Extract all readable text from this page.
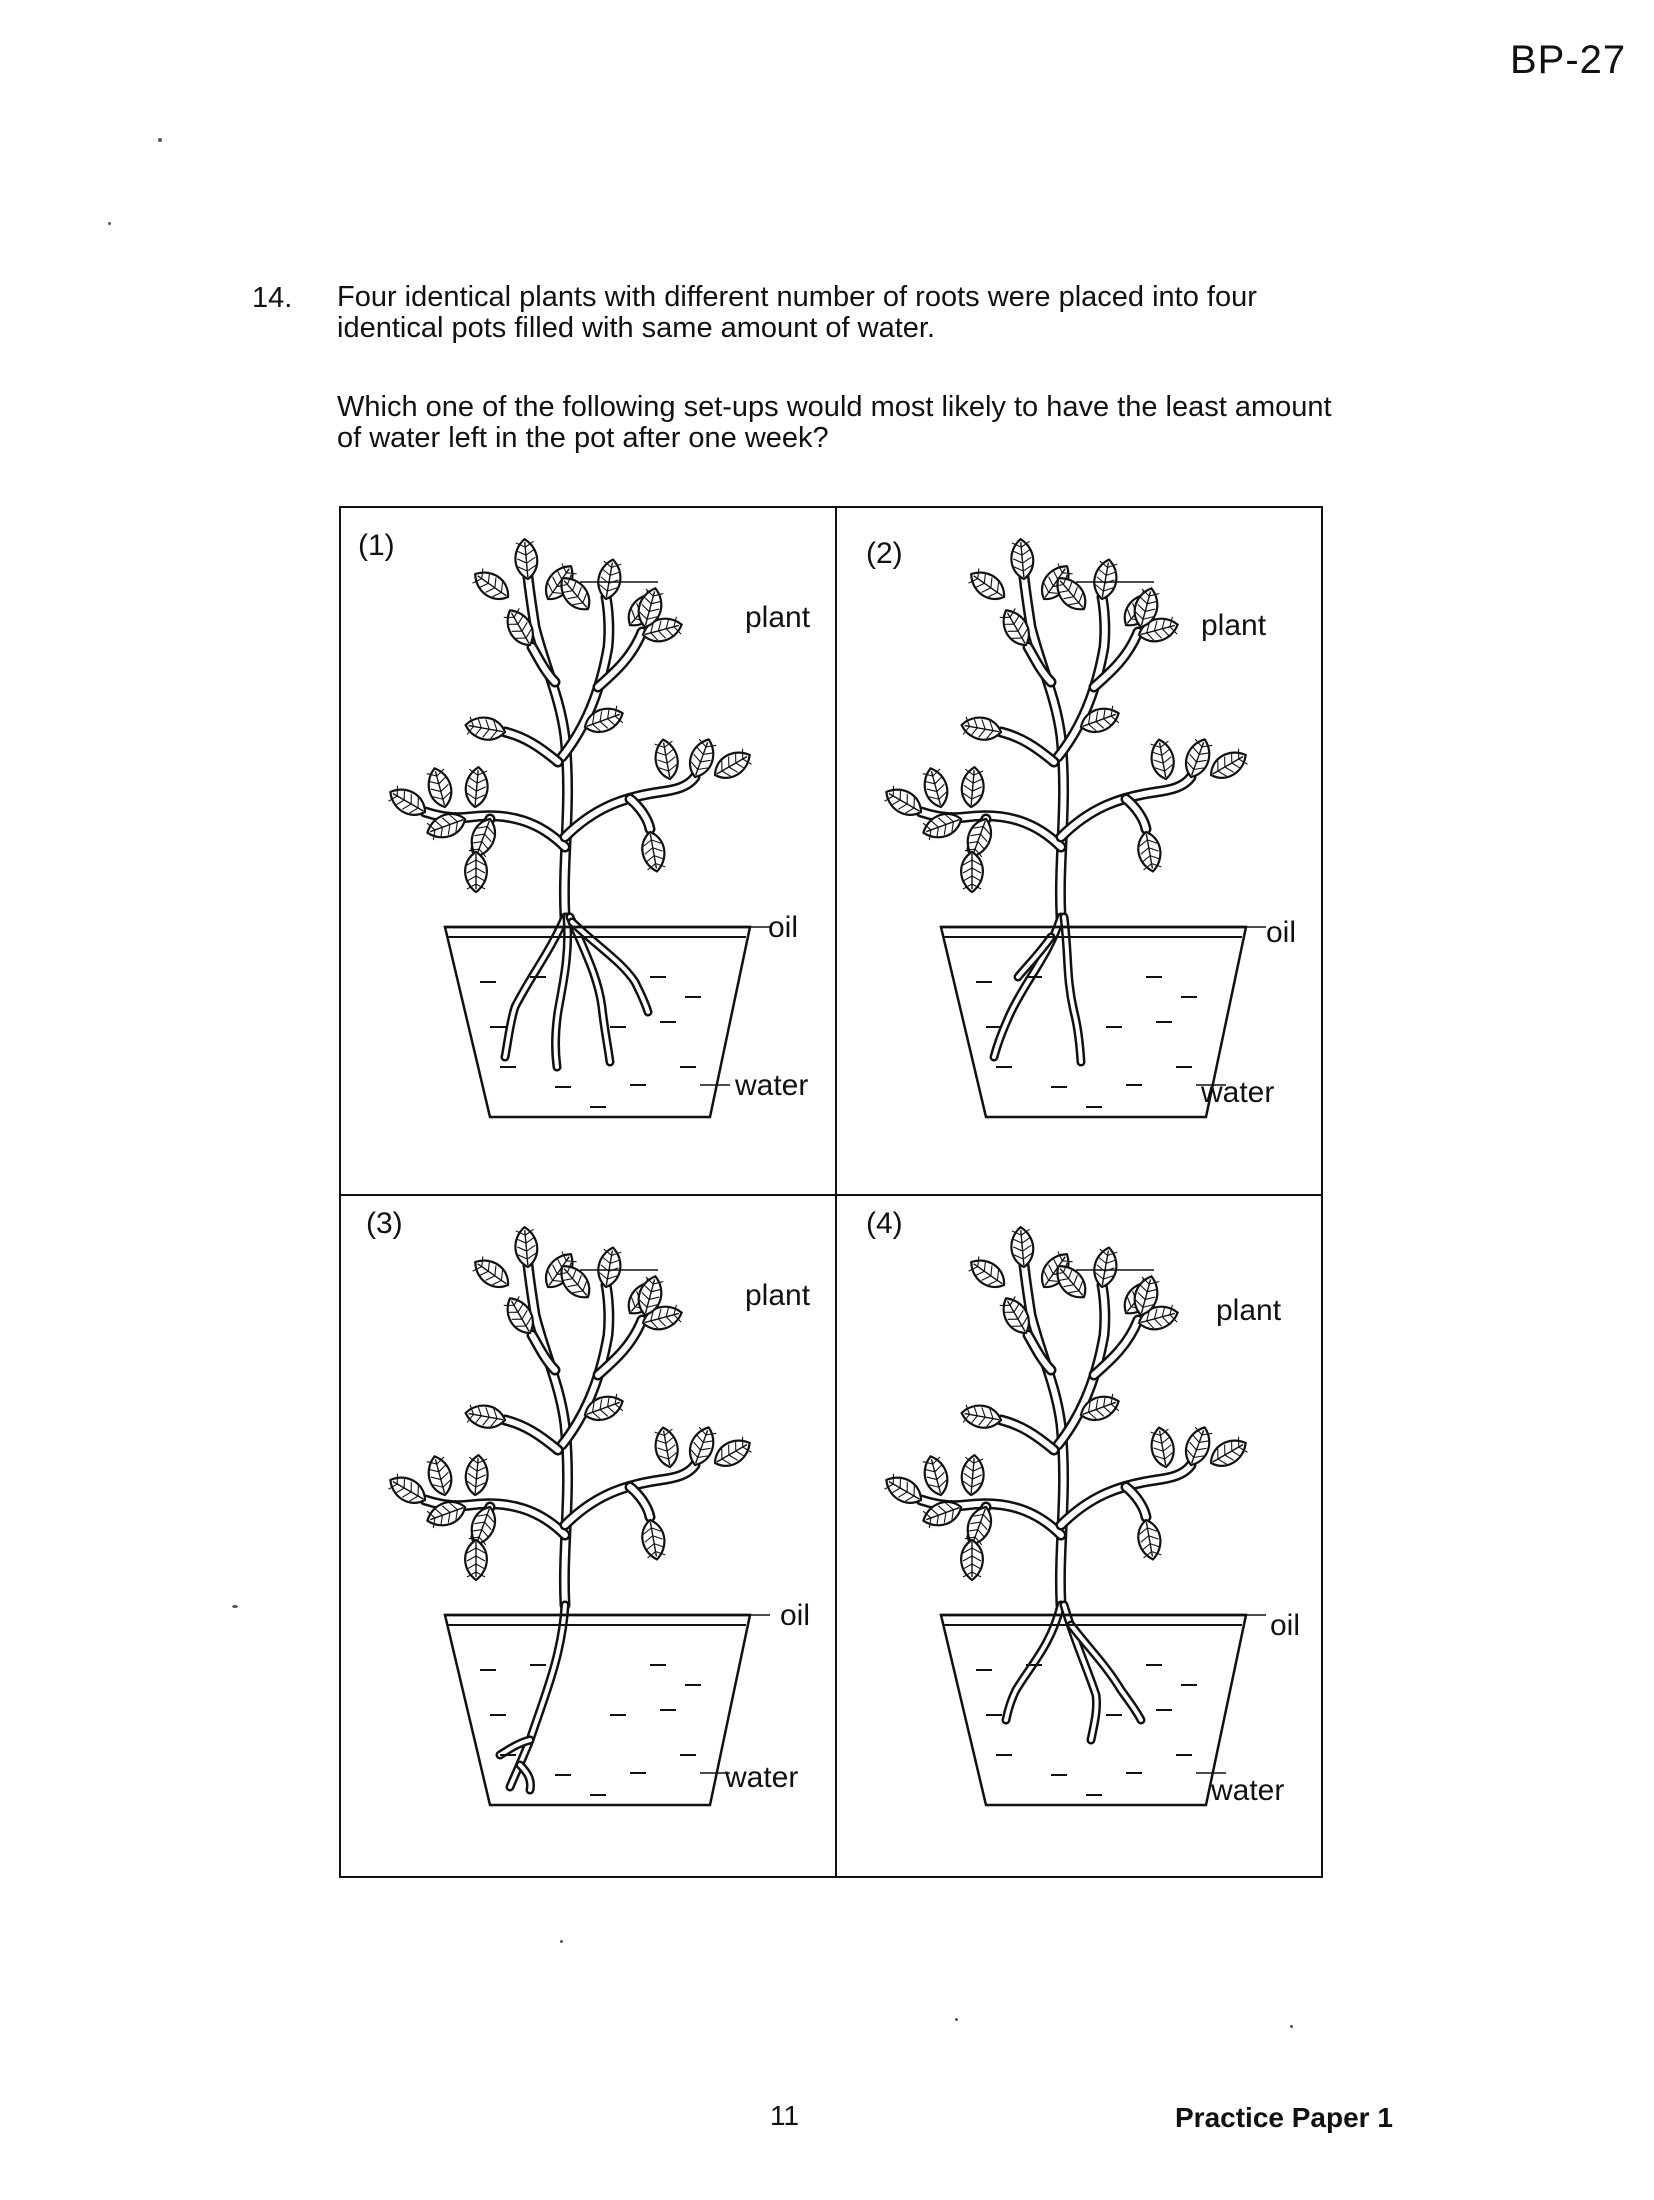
BP-27
14. Four identical plants with different number of roots were placed into four identical pots filled with same amount of water.
Which one of the following set-ups would most likely to have the least amount of water left in the pot after one week?
(1)
plant
oil
water
(2)
plant
oil
water
(3)
plant
oil
water
(4)
plant
oil
water
11	Practice Paper 1
